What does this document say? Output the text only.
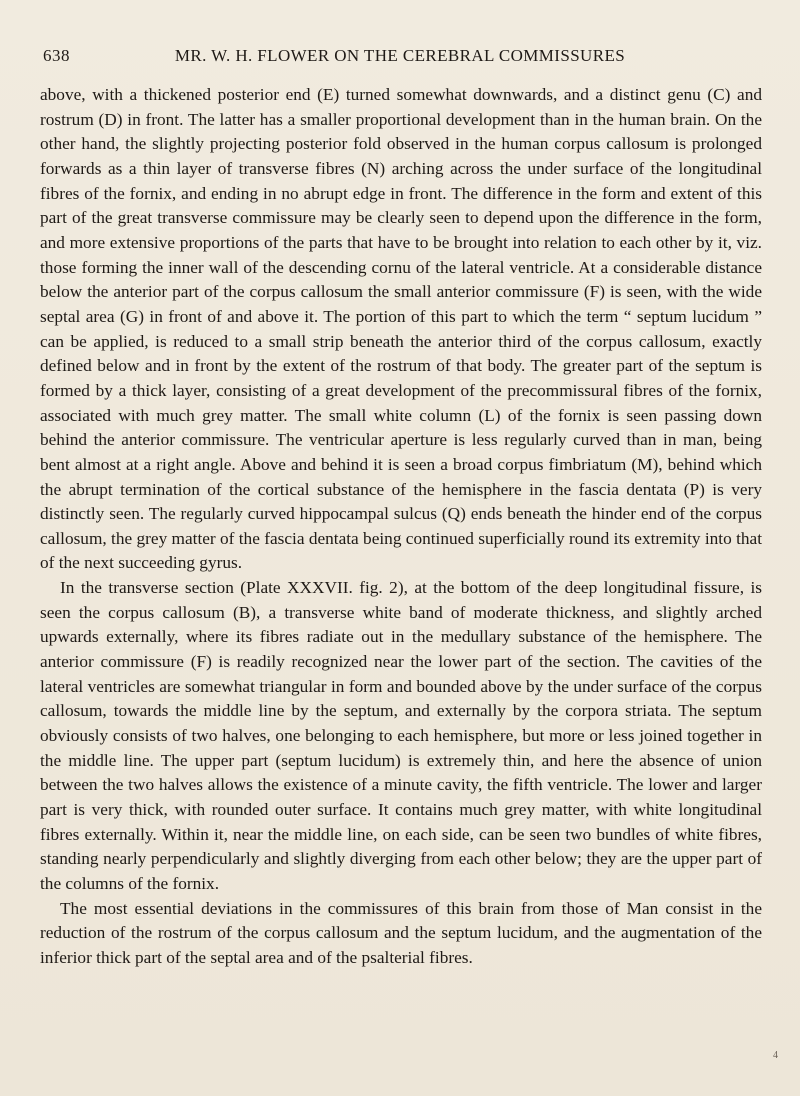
638	MR. W. H. FLOWER ON THE CEREBRAL COMMISSURES

above, with a thickened posterior end (E) turned somewhat downwards, and a distinct genu (C) and rostrum (D) in front. The latter has a smaller proportional development than in the human brain. On the other hand, the slightly projecting posterior fold observed in the human corpus callosum is prolonged forwards as a thin layer of transverse fibres (N) arching across the under surface of the longitudinal fibres of the fornix, and ending in no abrupt edge in front. The difference in the form and extent of this part of the great transverse commissure may be clearly seen to depend upon the difference in the form, and more extensive proportions of the parts that have to be brought into relation to each other by it, viz. those forming the inner wall of the descending cornu of the lateral ventricle. At a considerable distance below the anterior part of the corpus callosum the small anterior commissure (F) is seen, with the wide septal area (G) in front of and above it. The portion of this part to which the term “ septum lucidum ” can be applied, is reduced to a small strip beneath the anterior third of the corpus callosum, exactly defined below and in front by the extent of the rostrum of that body. The greater part of the septum is formed by a thick layer, consisting of a great development of the precommissural fibres of the fornix, associated with much grey matter. The small white column (L) of the fornix is seen passing down behind the anterior commissure. The ventricular aperture is less regularly curved than in man, being bent almost at a right angle. Above and behind it is seen a broad corpus fimbriatum (M), behind which the abrupt termination of the cortical substance of the hemisphere in the fascia dentata (P) is very distinctly seen. The regularly curved hippocampal sulcus (Q) ends beneath the hinder end of the corpus callosum, the grey matter of the fascia dentata being continued superficially round its extremity into that of the next succeeding gyrus.

In the transverse section (Plate XXXVII. fig. 2), at the bottom of the deep longitudinal fissure, is seen the corpus callosum (B), a transverse white band of moderate thickness, and slightly arched upwards externally, where its fibres radiate out in the medullary substance of the hemisphere. The anterior commissure (F) is readily recognized near the lower part of the section. The cavities of the lateral ventricles are somewhat triangular in form and bounded above by the under surface of the corpus callosum, towards the middle line by the septum, and externally by the corpora striata. The septum obviously consists of two halves, one belonging to each hemisphere, but more or less joined together in the middle line. The upper part (septum lucidum) is extremely thin, and here the absence of union between the two halves allows the existence of a minute cavity, the fifth ventricle. The lower and larger part is very thick, with rounded outer surface. It contains much grey matter, with white longitudinal fibres externally. Within it, near the middle line, on each side, can be seen two bundles of white fibres, standing nearly perpendicularly and slightly diverging from each other below; they are the upper part of the columns of the fornix.

The most essential deviations in the commissures of this brain from those of Man consist in the reduction of the rostrum of the corpus callosum and the septum lucidum, and the augmentation of the inferior thick part of the septal area and of the psalterial fibres.

4
